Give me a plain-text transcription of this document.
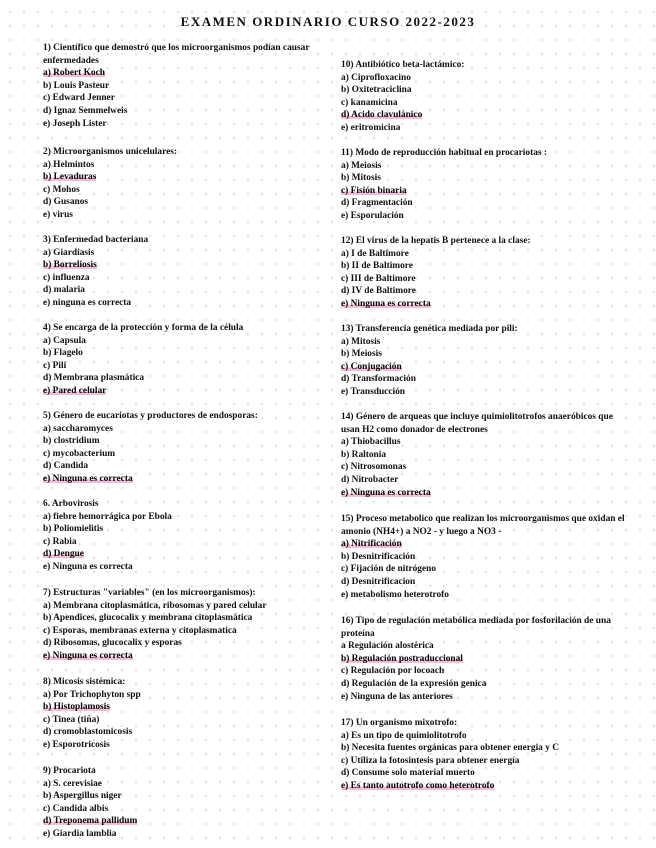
EXAMEN ORDINARIO CURSO 2022-2023
1) Científico que demostró que los microorganismos podían causar enfermedades
a) Robert Koch
b) Louis Pasteur
c) Edward Jenner
d) Ignaz Semmelweis
e) Joseph Lister
2) Microorganismos unicelulares:
a) Helmintos
b) Levaduras
c) Mohos
d) Gusanos
e) virus
3) Enfermedad bacteriana
a) Giardiasis
b) Borreliosis
c) influenza
d) malaria
e) ninguna es correcta
4) Se encarga de la protección y forma de la célula
a) Capsula
b) Flagelo
c) Pili
d) Membrana plasmática
e) Pared celular
5) Género de eucariotas y productores de endosporas:
a) saccharomyces
b) clostridium
c) mycobacterium
d) Candida
e) Ninguna es correcta
6. Arbovirosis
a) fiebre hemorrágica por Ebola
b) Poliomielitis
c) Rabia
d) Dengue
e) Ninguna es correcta
7) Estructuras "variables" (en los microorganismos):
a) Membrana citoplasmática, ribosomas y pared celular
b) Apendices, glucocalix y membrana citoplasmática
c) Esporas, membranas externa y citoplasmatica
d) Ribosomas, glucocalix y esporas
e) Ninguna es correcta
8) Micosis sistémica:
a) Por Trichophyton spp
b) Histoplamosis
c) Tinea (tiña)
d) cromoblastomicosis
e) Esporotricosis
9) Procariota
a) S. cerevisiae
b) Aspergillus niger
c) Candida albis
d) Treponema pallidum
e) Giardia lamblia
10) Antibiótico beta-lactámico:
a) Ciprofloxacino
b) Oxitetraciclina
c) kanamicina
d) Acido clavulánico
e) eritromicina
11) Modo de reproducción habitual en procariotas :
a) Meiosis
b) Mitosis
c) Fisión binaria
d) Fragmentación
e) Esporulación
12) El virus de la hepatis B pertenece a la clase:
a) I de Baltimore
b) II de Baltimore
c) III de Baltimore
d) IV de Baltimore
e) Ninguna es correcta
13) Transferencia genética mediada por pili:
a) Mitosis
b) Meiosis
c) Conjugación
d) Transformación
e) Transducción
14) Género de arqueas que incluye quimiolitotrofos anaeróbicos que usan H2 como donador de electrones
a) Thiobacillus
b) Raltonia
c) Nitrosomonas
d) Nitrobacter
e) Ninguna es correcta
15) Proceso metabolico que realizan los microorganismos que oxidan el amonio (NH4+) a NO2 - y luego a NO3 -
a) Nitrificación
b) Desnitrificación
c) Fijación de nitrógeno
d) Desnitrificacion
e) metabolismo heterotrofo
16) Tipo de regulación metabólica mediada por fosforilación de una proteína
a Regulación alostérica
b) Regulación postraduccional
c) Regulación por locoach
d) Regulación de la expresión genica
e) Ninguna de las anteriores
17) Un organismo mixotrofo:
a) Es un tipo de quimiolitotrofo
b) Necesita fuentes orgánicas para obtener energia y C
c) Utiliza la fotosintesis para obtener energía
d) Consume solo material muerto
e) Es tanto autotrofo como heterotrofo
